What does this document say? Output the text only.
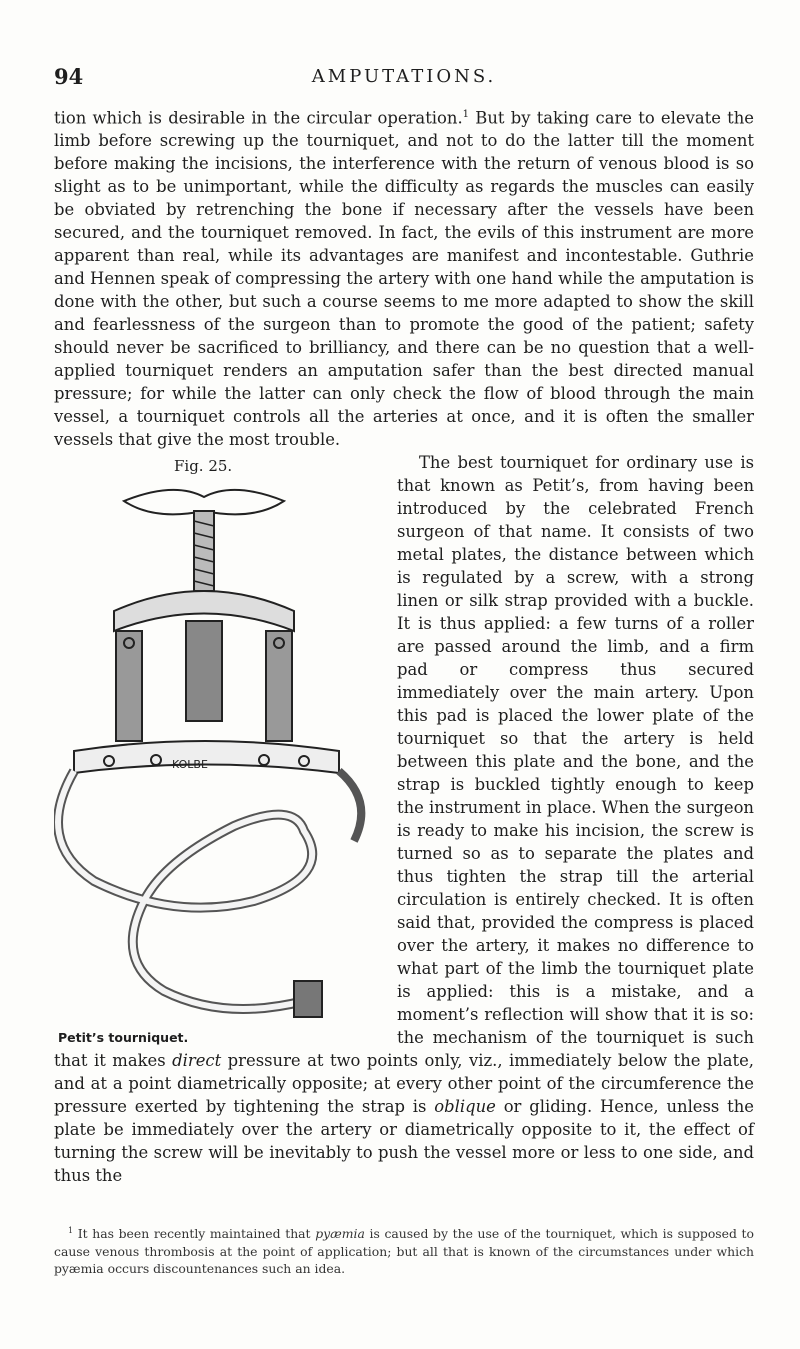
94	AMPUTATIONS.

tion which is desirable in the circular operation.$^1$ But by taking care to elevate the limb before screwing up the tourniquet, and not to do the latter till the moment before making the incisions, the interference with the return of venous blood is so slight as to be unimportant, while the difficulty as regards the muscles can easily be obviated by retrenching the bone if necessary after the vessels have been secured, and the tourniquet removed. In fact, the evils of this instrument are more apparent than real, while its advantages are manifest and incontestable. Guthrie and Hennen speak of compressing the artery with one hand while the amputation is done with the other, but such a course seems to me more adapted to show the skill and fearlessness of the surgeon than to promote the good of the patient; safety should never be sacrificed to brilliancy, and there can be no question that a well-applied tourniquet renders an amputation safer than the best directed manual pressure; for while the latter can only check the flow of blood through the main vessel, a tourniquet controls all the arteries at once, and it is often the smaller vessels that give the most trouble.

Fig. 25.
KOLBE
Petit’s tourniquet.

The best tourniquet for ordinary use is that known as Petit’s, from having been introduced by the celebrated French surgeon of that name. It consists of two metal plates, the distance between which is regulated by a screw, with a strong linen or silk strap provided with a buckle. It is thus applied: a few turns of a roller are passed around the limb, and a firm pad or compress thus secured immediately over the main artery. Upon this pad is placed the lower plate of the tourniquet so that the artery is held between this plate and the bone, and the strap is buckled tightly enough to keep the instrument in place. When the surgeon is ready to make his incision, the screw is turned so as to separate the plates and thus tighten the strap till the arterial circulation is entirely checked. It is often said that, provided the compress is placed over the artery, it makes no difference to what part of the limb the tourniquet plate is applied: this is a mistake, and a moment’s reflection will show that it is so: the mechanism of the tourniquet is such that it makes direct pressure at two points only, viz., immediately below the plate, and at a point diametrically opposite; at every other point of the circumference the pressure exerted by tightening the strap is oblique or gliding. Hence, unless the plate be immediately over the artery or diametrically opposite to it, the effect of turning the screw will be inevitably to push the vessel more or less to one side, and thus the

$^1$ It has been recently maintained that pyæmia is caused by the use of the tourniquet, which is supposed to cause venous thrombosis at the point of application; but all that is known of the circumstances under which pyæmia occurs discountenances such an idea.
